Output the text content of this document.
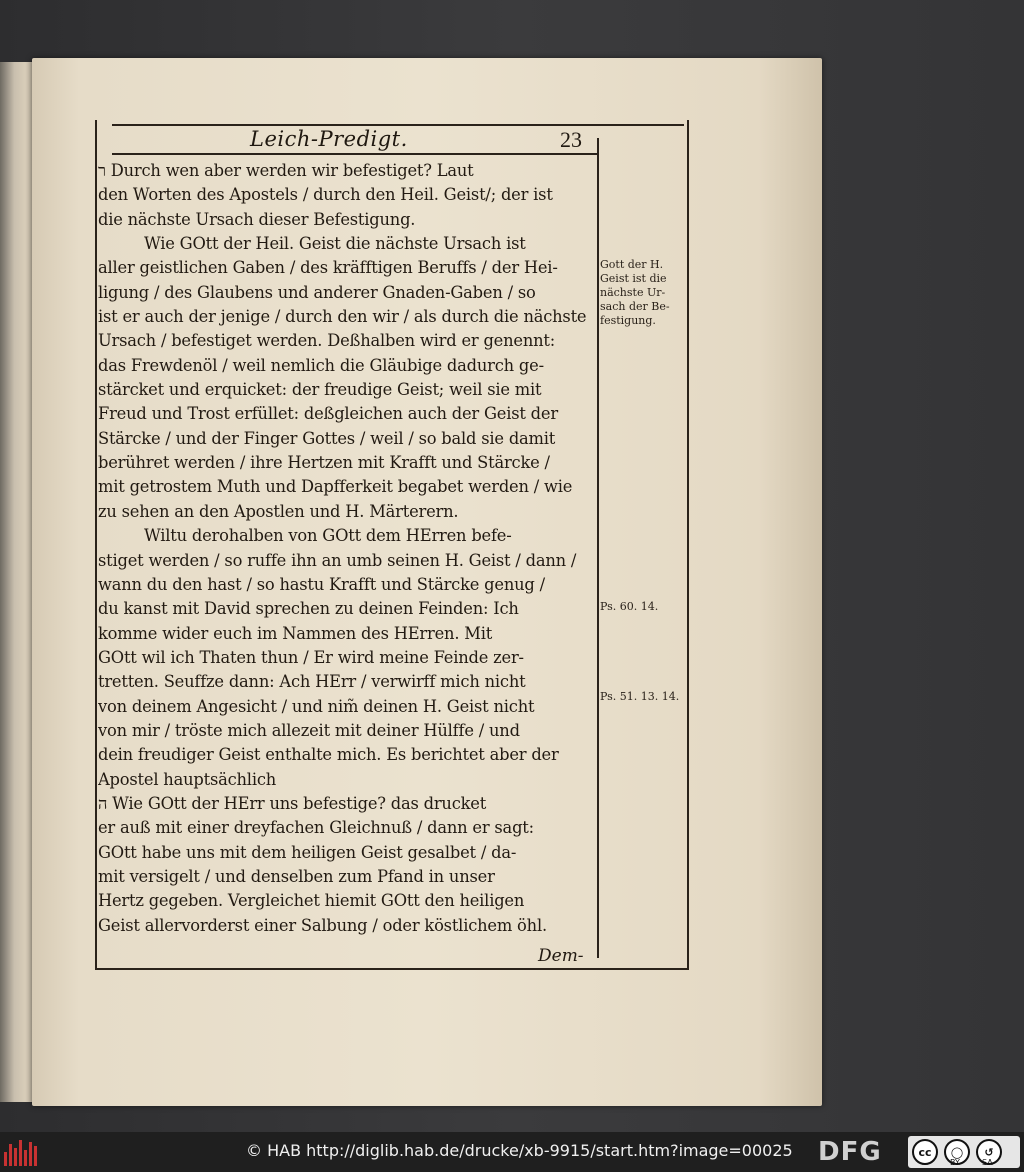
Leich-Predigt.	23
ר Durch wen aber werden wir befestiget? Laut
den Worten des Apostels / durch den Heil. Geist/; der ist
die nächste Ursach dieser Befestigung.
Wie GOtt der Heil. Geist die nächste Ursach ist
aller geistlichen Gaben / des kräfftigen Beruffs / der Hei-
ligung / des Glaubens und anderer Gnaden-Gaben / so
ist er auch der jenige / durch den wir / als durch die nächste
Ursach / befestiget werden. Deßhalben wird er genennt:
das Frewdenöl / weil nemlich die Gläubige dadurch ge-
stärcket und erquicket: der freudige Geist; weil sie mit
Freud und Trost erfüllet: deßgleichen auch der Geist der
Stärcke / und der Finger Gottes / weil / so bald sie damit
berühret werden / ihre Hertzen mit Krafft und Stärcke /
mit getrostem Muth und Dapfferkeit begabet werden / wie
zu sehen an den Apostlen und H. Märterern.
Wiltu derohalben von GOtt dem HErren befe-
stiget werden / so ruffe ihn an umb seinen H. Geist / dann /
wann du den hast / so hastu Krafft und Stärcke genug /
du kanst mit David sprechen zu deinen Feinden: Ich
komme wider euch im Nammen des HErren. Mit
GOtt wil ich Thaten thun / Er wird meine Feinde zer-
tretten. Seuffze dann: Ach HErr / verwirff mich nicht
von deinem Angesicht / und nim̃ deinen H. Geist nicht
von mir / tröste mich allezeit mit deiner Hülffe / und
dein freudiger Geist enthalte mich. Es berichtet aber der
Apostel hauptsächlich
ה Wie GOtt der HErr uns befestige? das drucket
er auß mit einer dreyfachen Gleichnuß / dann er sagt:
GOtt habe uns mit dem heiligen Geist gesalbet / da-
mit versigelt / und denselben zum Pfand in unser
Hertz gegeben. Vergleichet hiemit GOtt den heiligen
Geist allervorderst einer Salbung / oder köstlichem öhl.
Gott der H.
Geist ist die
nächste Ur-
sach der Be-
festigung.
Ps. 60. 14.
Ps. 51. 13. 14.
Dem-
© HAB http://diglib.hab.de/drucke/xb-9915/start.htm?image=00025 DFG	cc	◯	↺
BY	SA
